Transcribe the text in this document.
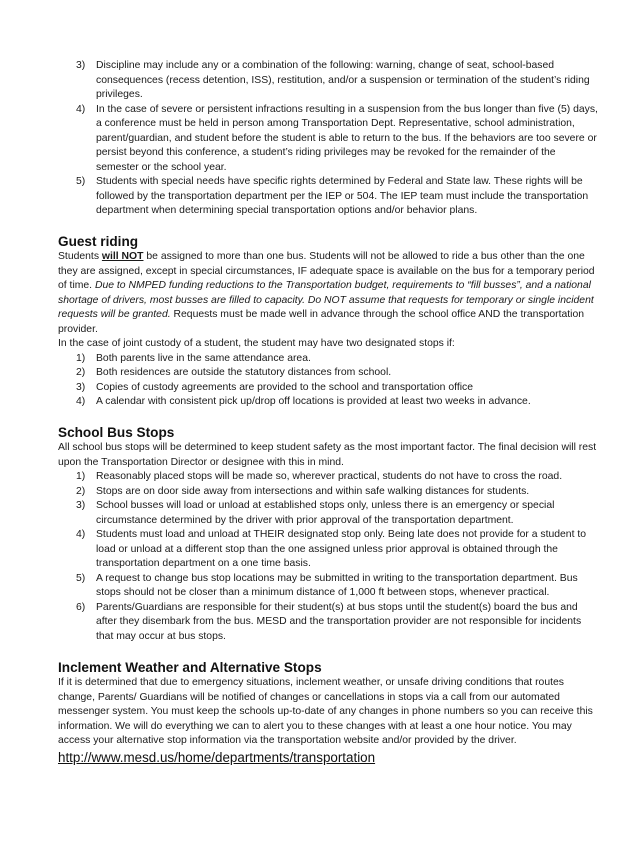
3)	Discipline may include any or a combination of the following: warning, change of seat, school-based consequences (recess detention, ISS), restitution, and/or a suspension or termination of the student’s riding privileges.
4)	In the case of severe or persistent infractions resulting in a suspension from the bus longer than five (5) days, a conference must be held in person among Transportation Dept. Representative, school administration, parent/guardian, and student before the student is able to return to the bus. If the behaviors are too severe or persist beyond this conference, a student’s riding privileges may be revoked for the remainder of the semester or the school year.
5)	Students with special needs have specific rights determined by Federal and State law. These rights will be followed by the transportation department per the IEP or 504. The IEP team must include the transportation department when determining special transportation options and/or behavior plans.
Guest riding

Students will NOT be assigned to more than one bus. Students will not be allowed to ride a bus other than the one they are assigned, except in special circumstances, IF adequate space is available on the bus for a temporary period of time. Due to NMPED funding reductions to the Transportation budget, requirements to “fill busses”, and a national shortage of drivers, most busses are filled to capacity. Do NOT assume that requests for temporary or single incident requests will be granted. Requests must be made well in advance through the school office AND the transportation provider.

In the case of joint custody of a student, the student may have two designated stops if:

1)	Both parents live in the same attendance area.
2)	Both residences are outside the statutory distances from school.
3)	Copies of custody agreements are provided to the school and transportation office
4)	A calendar with consistent pick up/drop off locations is provided at least two weeks in advance.
School Bus Stops

All school bus stops will be determined to keep student safety as the most important factor. The final decision will rest upon the Transportation Director or designee with this in mind.

1)	Reasonably placed stops will be made so, wherever practical, students do not have to cross the road.
2)	Stops are on door side away from intersections and within safe walking distances for students.
3)	School busses will load or unload at established stops only, unless there is an emergency or special circumstance determined by the driver with prior approval of the transportation department.
4)	Students must load and unload at THEIR designated stop only. Being late does not provide for a student to load or unload at a different stop than the one assigned unless prior approval is obtained through the transportation department on a one time basis.
5)	A request to change bus stop locations may be submitted in writing to the transportation department. Bus stops should not be closer than a minimum distance of 1,000 ft between stops, whenever practical.
6)	Parents/Guardians are responsible for their student(s) at bus stops until the student(s) board the bus and after they disembark from the bus. MESD and the transportation provider are not responsible for incidents that may occur at bus stops.
Inclement Weather and Alternative Stops

If it is determined that due to emergency situations, inclement weather, or unsafe driving conditions that routes change, Parents/ Guardians will be notified of changes or cancellations in stops via a call from our automated messenger system. You must keep the schools up-to-date of any changes in phone numbers so you can receive this information. We will do everything we can to alert you to these changes with at least a one hour notice. You may access your alternative stop information via the transportation website and/or provided by the driver.

http://www.mesd.us/home/departments/transportation
